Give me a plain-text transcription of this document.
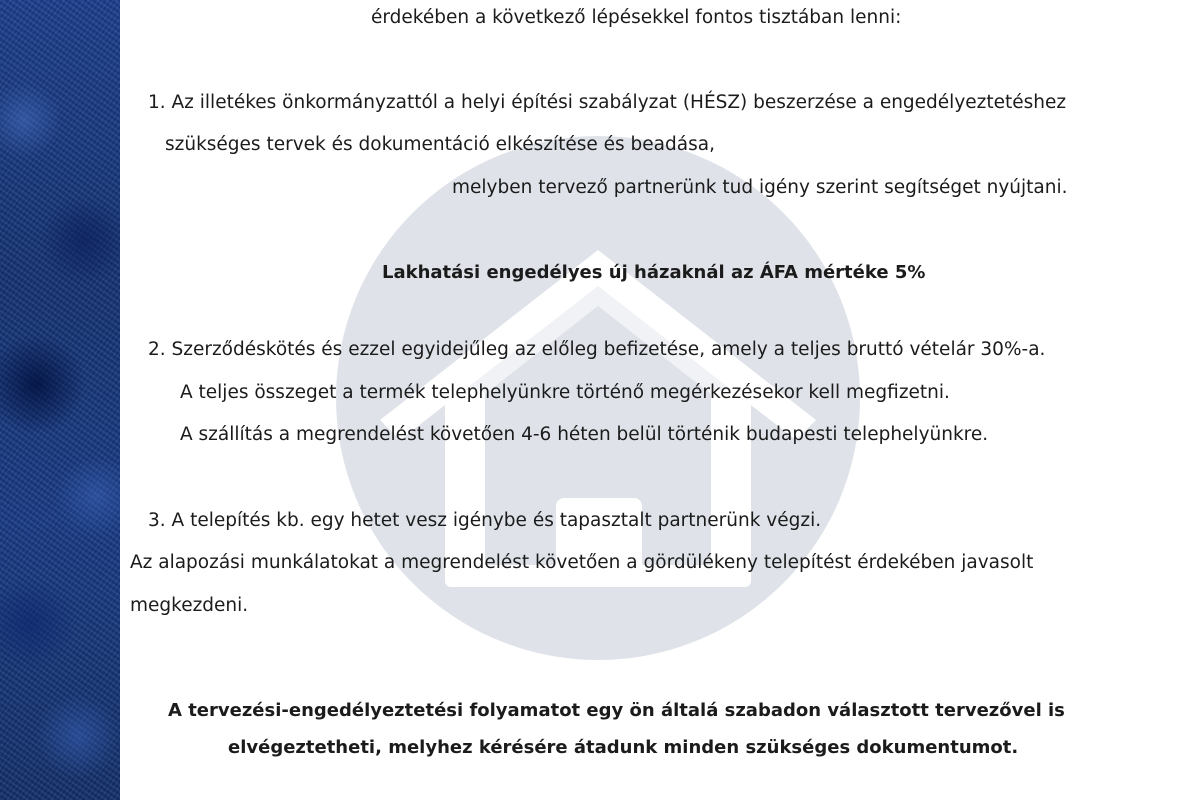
érdekében a következő lépésekkel fontos tisztában lenni:

1. Az illetékes önkormányzattól a helyi építési szabályzat (HÉSZ) beszerzése a engedélyeztetéshez

szükséges tervek és dokumentáció elkészítése és beadása,

melyben tervező partnerünk tud igény szerint segítséget nyújtani.

Lakhatási engedélyes új házaknál az ÁFA mértéke 5%

2. Szerződéskötés és ezzel egyidejűleg az előleg befizetése, amely a teljes bruttó vételár 30%-a.

A teljes összeget a termék telephelyünkre történő megérkezésekor kell megfizetni.

A szállítás a megrendelést követően 4-6 héten belül történik budapesti telephelyünkre.

3. A telepítés kb. egy hetet vesz igénybe és tapasztalt partnerünk végzi.

Az alapozási munkálatokat a megrendelést követően a gördülékeny telepítést érdekében javasolt

megkezdeni.

A tervezési-engedélyeztetési folyamatot egy ön általá szabadon választott tervezővel is

elvégeztetheti, melyhez kérésére átadunk minden szükséges dokumentumot.
